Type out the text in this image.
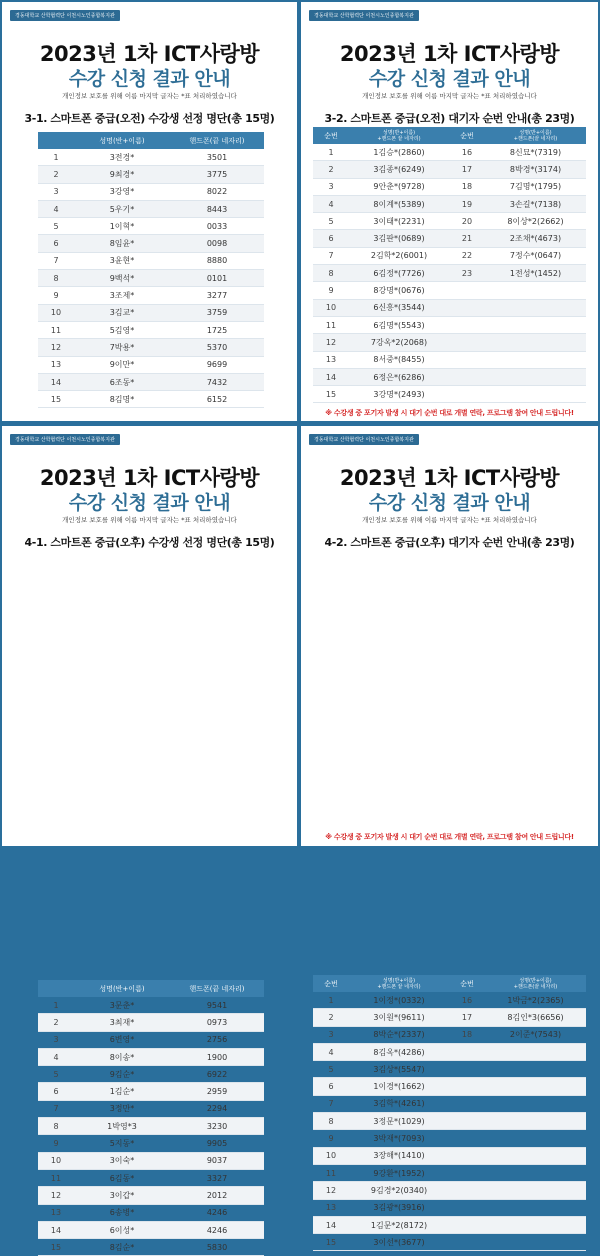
경동대학교 산학협력단 이천시노인종합복지관
2023년 1차 ICT사랑방
수강 신청 결과 안내
개인정보 보호를 위해 이름 마지막 글자는 *표 처리하였습니다
3-1. 스마트폰 중급(오전) 수강생 선정 명단(총 15명)
	성명(반+이름)	핸드폰(끝 네자리)
1	3전경*	3501
2	9최경*	3775
3	3강영*	8022
4	5우기*	8443
5	1이혁*	0033
6	8임윤*	0098
7	3윤현*	8880
8	9백석*	0101
9	3조제*	3277
10	3김교*	3759
11	5김영*	1725
12	7박용*	5370
13	9이만*	9699
14	6조동*	7432
15	8김명*	6152
경동대학교 산학협력단 이천시노인종합복지관
2023년 1차 ICT사랑방
수강 신청 결과 안내
개인정보 보호를 위해 이름 마지막 글자는 *표 처리하였습니다
3-2. 스마트폰 중급(오전) 대기자 순번 안내(총 23명)
순번	성명(반+이름)
+핸드폰 끝 네자리)	순번	성명(반+이름)
+핸드폰(끝 네자리)
1	1김승*(2860)	16	8신묘*(7319)
2	3김종*(6249)	17	8박경*(3174)
3	9안춘*(9728)	18	7김명*(1795)
4	8이계*(5389)	19	3손길*(7138)
5	3이태*(2231)	20	8이상*2(2662)
6	3김판*(0689)	21	2조채*(4673)
7	2김학*2(6001)	22	7정수*(0647)
8	6김정*(7726)	23	1전성*(1452)
9	8강명*(0676)		
10	6신흥*(3544)		
11	6김명*(5543)		
12	7강옥*2(2068)		
13	8서중*(8455)		
14	6정은*(6286)		
15	3강명*(2493)		
※ 수강생 중 포기자 발생 시 대기 순번 대로 개별 연락, 프로그램 참여 안내 드립니다!
경동대학교 산학협력단 이천시노인종합복지관
2023년 1차 ICT사랑방
수강 신청 결과 안내
개인정보 보호를 위해 이름 마지막 글자는 *표 처리하였습니다
4-1. 스마트폰 중급(오후) 수강생 선정 명단(총 15명)
	성명(반+이름)	핸드폰(끝 네자리)
1	3문춘*	9541
2	3최재*	0973
3	6변영*	2756
4	8이송*	1900
5	9김순*	6922
6	1김순*	2959
7	3정만*	2294
8	1박영*3	3230
9	5지동*	9905
10	3이숙*	9037
11	6김동*	3327
12	3이갑*	2012
13	6송병*	4246
14	6이성*	4246
15	8김순*	5830
경동대학교 산학협력단 이천시노인종합복지관
2023년 1차 ICT사랑방
수강 신청 결과 안내
개인정보 보호를 위해 이름 마지막 글자는 *표 처리하였습니다
4-2. 스마트폰 중급(오후) 대기자 순번 안내(총 23명)
순번	성명(반+이름)
+핸드폰 끝 네자리)	순번	성명(반+이름)
+핸드폰(끝 네자리)
1	1이정*(0332)	16	1박금*2(2365)
2	3이원*(9611)	17	8김인*3(6656)
3	8박순*(2337)	18	2이준*(7543)
4	8김옥*(4286)		
5	3김상*(5547)		
6	1이경*(1662)		
7	3김학*(4261)		
8	3정문*(1029)		
9	3박재*(7093)		
10	3장해*(1410)		
11	9강환*(1952)		
12	9김경*2(0340)		
13	3김광*(3916)		
14	1김문*2(8172)		
15	3이선*(3677)		
※ 수강생 중 포기자 발생 시 대기 순번 대로 개별 연락, 프로그램 참여 안내 드립니다!
